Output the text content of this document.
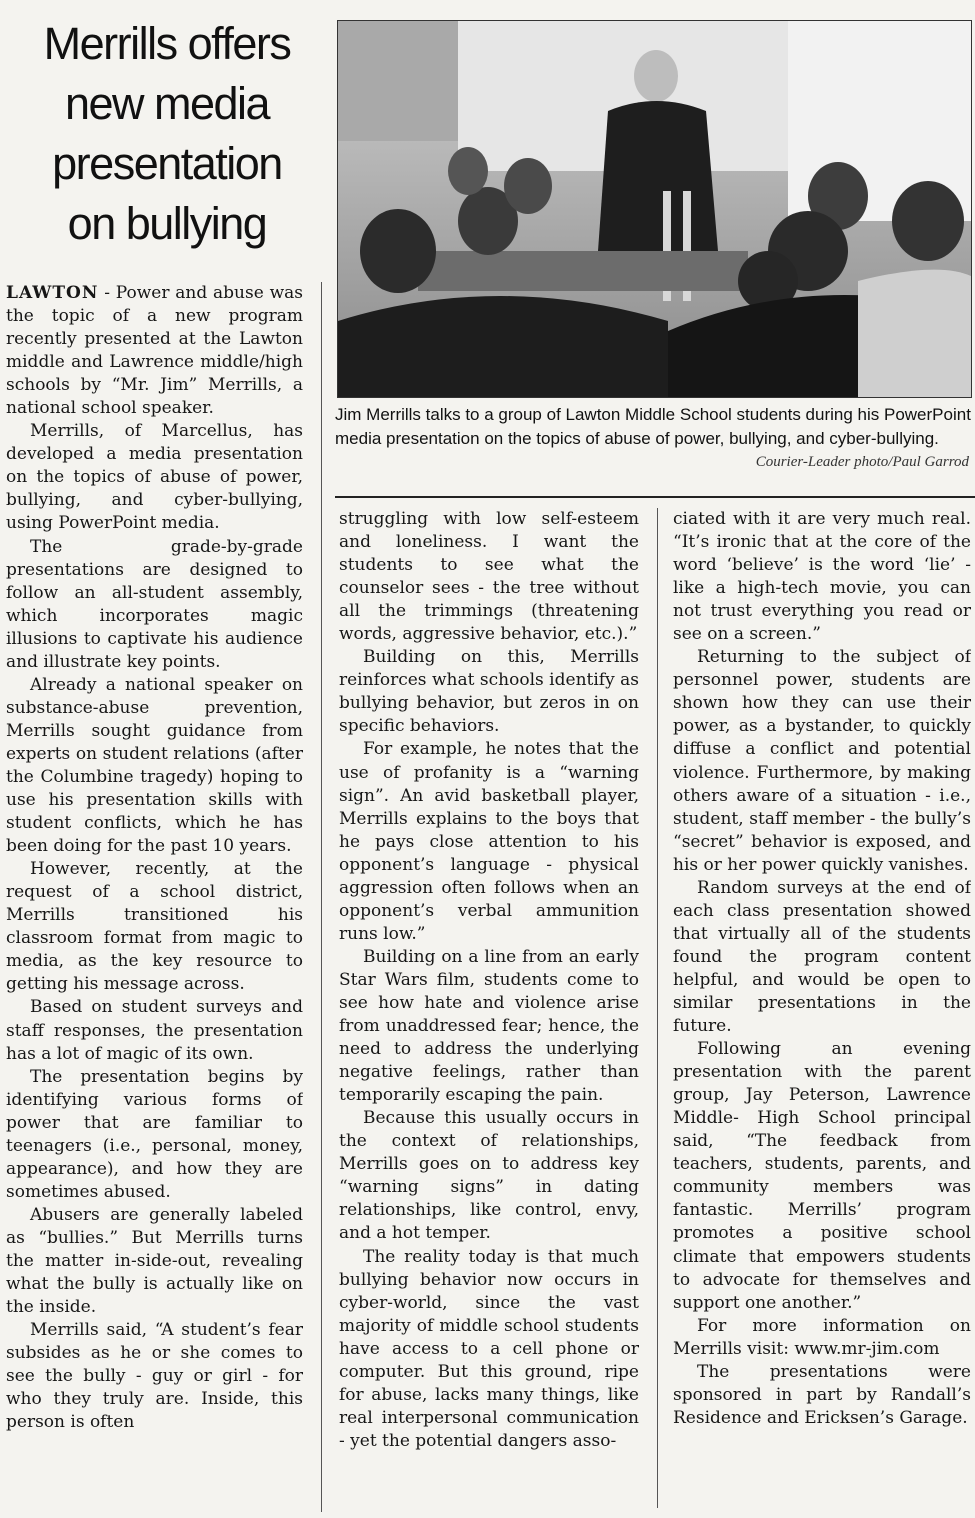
Merrills offers
new media
presentation
on bullying
Jim Merrills talks to a group of Lawton Middle School students during his PowerPoint media presentation on the topics of abuse of power, bullying, and cyber-bullying.
Courier-Leader photo/Paul Garrod

LAWTON - Power and abuse was the topic of a new program recently presented at the Lawton middle and Lawrence middle/high schools by “Mr. Jim” Merrills, a national school speaker.

Merrills, of Marcellus, has developed a media presentation on the topics of abuse of power, bullying, and cyber-bullying, using PowerPoint media.

The grade-by-grade presentations are designed to follow an all-student assembly, which incorporates magic illusions to captivate his audience and illustrate key points.

Already a national speaker on substance-abuse prevention, Merrills sought guidance from experts on student relations (after the Columbine tragedy) hoping to use his presentation skills with student conflicts, which he has been doing for the past 10 years.

However, recently, at the request of a school district, Merrills transitioned his classroom format from magic to media, as the key resource to getting his message across.

Based on student surveys and staff responses, the presentation has a lot of magic of its own.

The presentation begins by identifying various forms of power that are familiar to teenagers (i.e., personal, money, appearance), and how they are sometimes abused.

Abusers are generally labeled as “bullies.” But Merrills turns the matter in-side-out, revealing what the bully is actually like on the inside.

Merrills said, “A student’s fear subsides as he or she comes to see the bully - guy or girl - for who they truly are. Inside, this person is often

struggling with low self-esteem and loneliness. I want the students to see what the counselor sees - the tree without all the trimmings (threatening words, aggressive behavior, etc.).”

Building on this, Merrills reinforces what schools identify as bullying behavior, but zeros in on specific behaviors.

For example, he notes that the use of profanity is a “warning sign”. An avid basketball player, Merrills explains to the boys that he pays close attention to his opponent’s language - physical aggression often follows when an opponent’s verbal ammunition runs low.”

Building on a line from an early Star Wars film, students come to see how hate and violence arise from unaddressed fear; hence, the need to address the underlying negative feelings, rather than temporarily escaping the pain.

Because this usually occurs in the context of relationships, Merrills goes on to address key “warning signs” in dating relationships, like control, envy, and a hot temper.

The reality today is that much bullying behavior now occurs in cyber-world, since the vast majority of middle school students have access to a cell phone or computer. But this ground, ripe for abuse, lacks many things, like real interpersonal communication - yet the potential dangers asso-

ciated with it are very much real. “It’s ironic that at the core of the word ‘believe’ is the word ‘lie’ - like a high-tech movie, you can not trust everything you read or see on a screen.”

Returning to the subject of personnel power, students are shown how they can use their power, as a bystander, to quickly diffuse a conflict and potential violence. Furthermore, by making others aware of a situation - i.e., student, staff member - the bully’s “secret” behavior is exposed, and his or her power quickly vanishes.

Random surveys at the end of each class presentation showed that virtually all of the students found the program content helpful, and would be open to similar presentations in the future.

Following an evening presentation with the parent group, Jay Peterson, Lawrence Middle- High School principal said, “The feedback from teachers, students, parents, and community members was fantastic. Merrills’ program promotes a positive school climate that empowers students to advocate for themselves and support one another.”

For more information on Merrills visit: www.mr-jim.com

The presentations were sponsored in part by Randall’s Residence and Ericksen’s Garage.
